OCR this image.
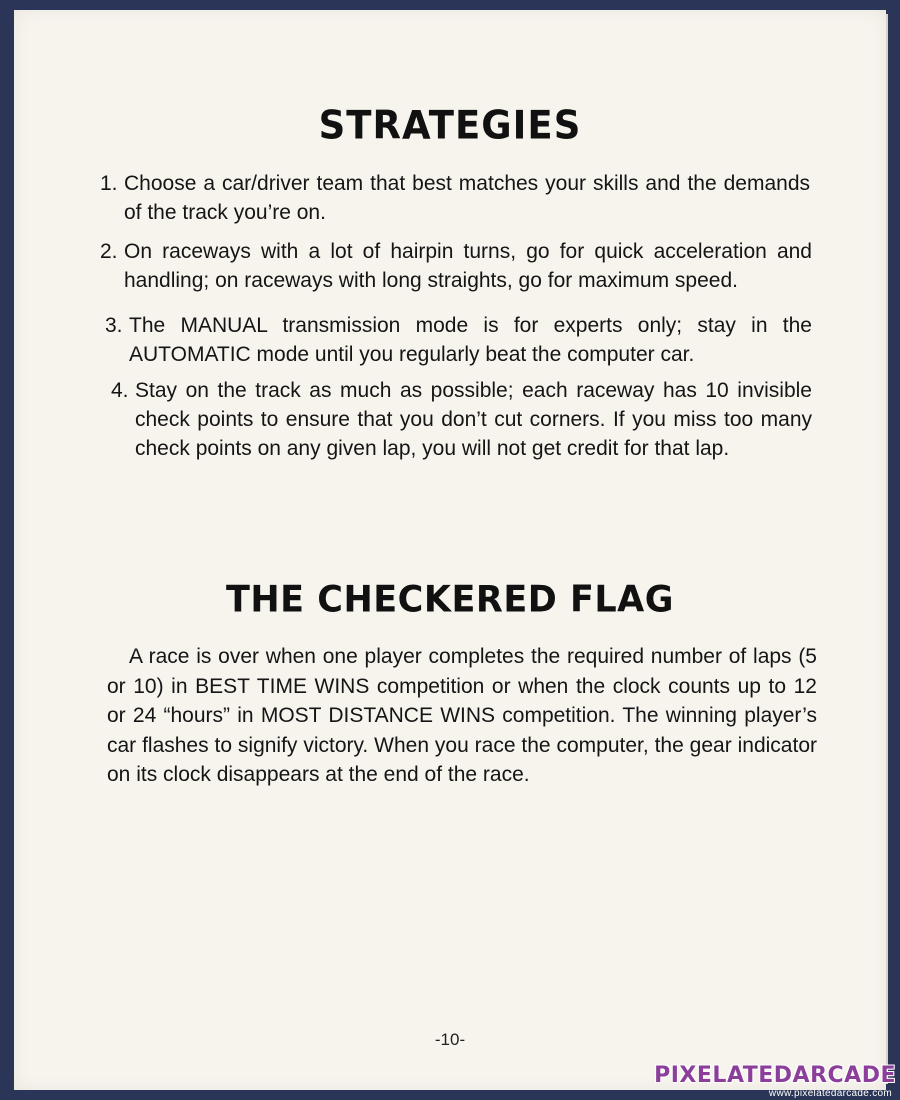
STRATEGIES
1. Choose a car/driver team that best matches your skills and the demands of the track you’re on.
2. On raceways with a lot of hairpin turns, go for quick acceleration and handling; on raceways with long straights, go for maximum speed.
3. The MANUAL transmission mode is for experts only; stay in the AUTOMATIC mode until you regularly beat the computer car.
4. Stay on the track as much as possible; each raceway has 10 invisible check points to ensure that you don’t cut corners. If you miss too many check points on any given lap, you will not get credit for that lap.
THE CHECKERED FLAG

A race is over when one player completes the required number of laps (5 or 10) in BEST TIME WINS competition or when the clock counts up to 12 or 24 “hours” in MOST DISTANCE WINS competition. The winning player’s car flashes to signify victory. When you race the computer, the gear indicator on its clock disappears at the end of the race.

-10-
PIXELATEDARCADE
www.pixelatedarcade.com
